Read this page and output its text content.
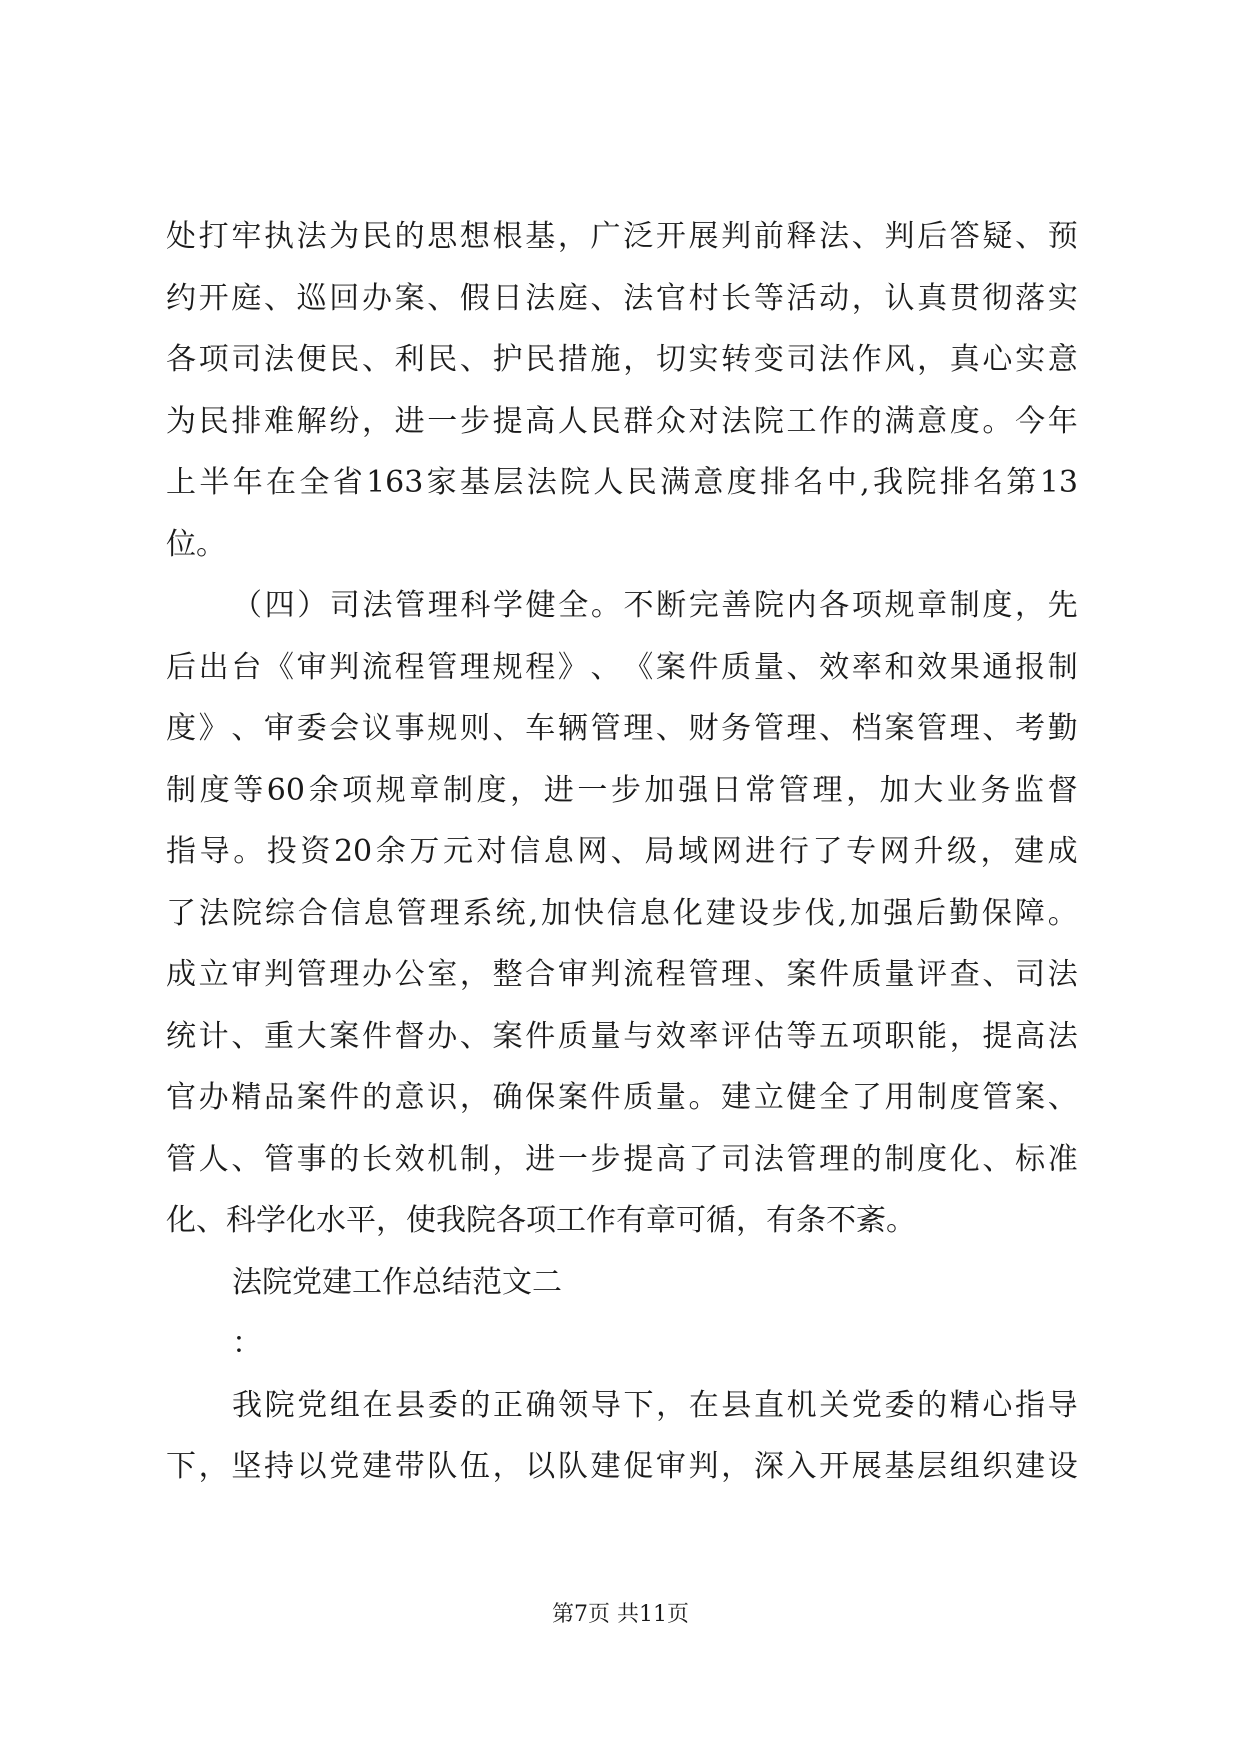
处 打 牢 执 法 为 民 的 思 想 根 基 ， 广 泛 开 展 判 前 释 法 、 判 后 答 疑 、 预
约 开 庭 、 巡 回 办 案 、 假 日 法 庭 、 法 官 村 长 等 活 动 ， 认 真 贯 彻 落 实
各 项 司 法 便 民 、 利 民 、 护 民 措 施 ， 切 实 转 变 司 法 作 风 ， 真 心 实 意
为 民 排 难 解 纷 ， 进 一 步 提 高 人 民 群 众 对 法 院 工 作 的 满 意 度 。 今 年
上 半 年 在 全 省 163 家 基 层 法 院 人 民 满 意 度 排 名 中 , 我 院 排 名 第 13
位。
（ 四 ） 司 法 管 理 科 学 健 全 。 不 断 完 善 院 内 各 项 规 章 制 度 ， 先
后 出 台 《 审 判 流 程 管 理 规 程 》 、 《 案 件 质 量 、 效 率 和 效 果 通 报 制
度 》 、 审 委 会 议 事 规 则 、 车 辆 管 理 、 财 务 管 理 、 档 案 管 理 、 考 勤
制 度 等 60 余 项 规 章 制 度 ， 进 一 步 加 强 日 常 管 理 ， 加 大 业 务 监 督
指 导 。 投 资 20 余 万 元 对 信 息 网 、 局 域 网 进 行 了 专 网 升 级 ， 建 成
了 法 院 综 合 信 息 管 理 系 统 , 加 快 信 息 化 建 设 步 伐 , 加 强 后 勤 保 障 。
成 立 审 判 管 理 办 公 室 ， 整 合 审 判 流 程 管 理 、 案 件 质 量 评 查 、 司 法
统 计 、 重 大 案 件 督 办 、 案 件 质 量 与 效 率 评 估 等 五 项 职 能 ， 提 高 法
官 办 精 品 案 件 的 意 识 ， 确 保 案 件 质 量 。 建 立 健 全 了 用 制 度 管 案 、
管 人 、 管 事 的 长 效 机 制 ， 进 一 步 提 高 了 司 法 管 理 的 制 度 化 、 标 准
化、科学化水平，使我院各项工作有章可循，有条不紊。
法院党建工作总结范文二
：
我 院 党 组 在 县 委 的 正 确 领 导 下 ， 在 县 直 机 关 党 委 的 精 心 指 导
下 ， 坚 持 以 党 建 带 队 伍 ， 以 队 建 促 审 判 ， 深 入 开 展 基 层 组 织 建 设
第7页 共11页
